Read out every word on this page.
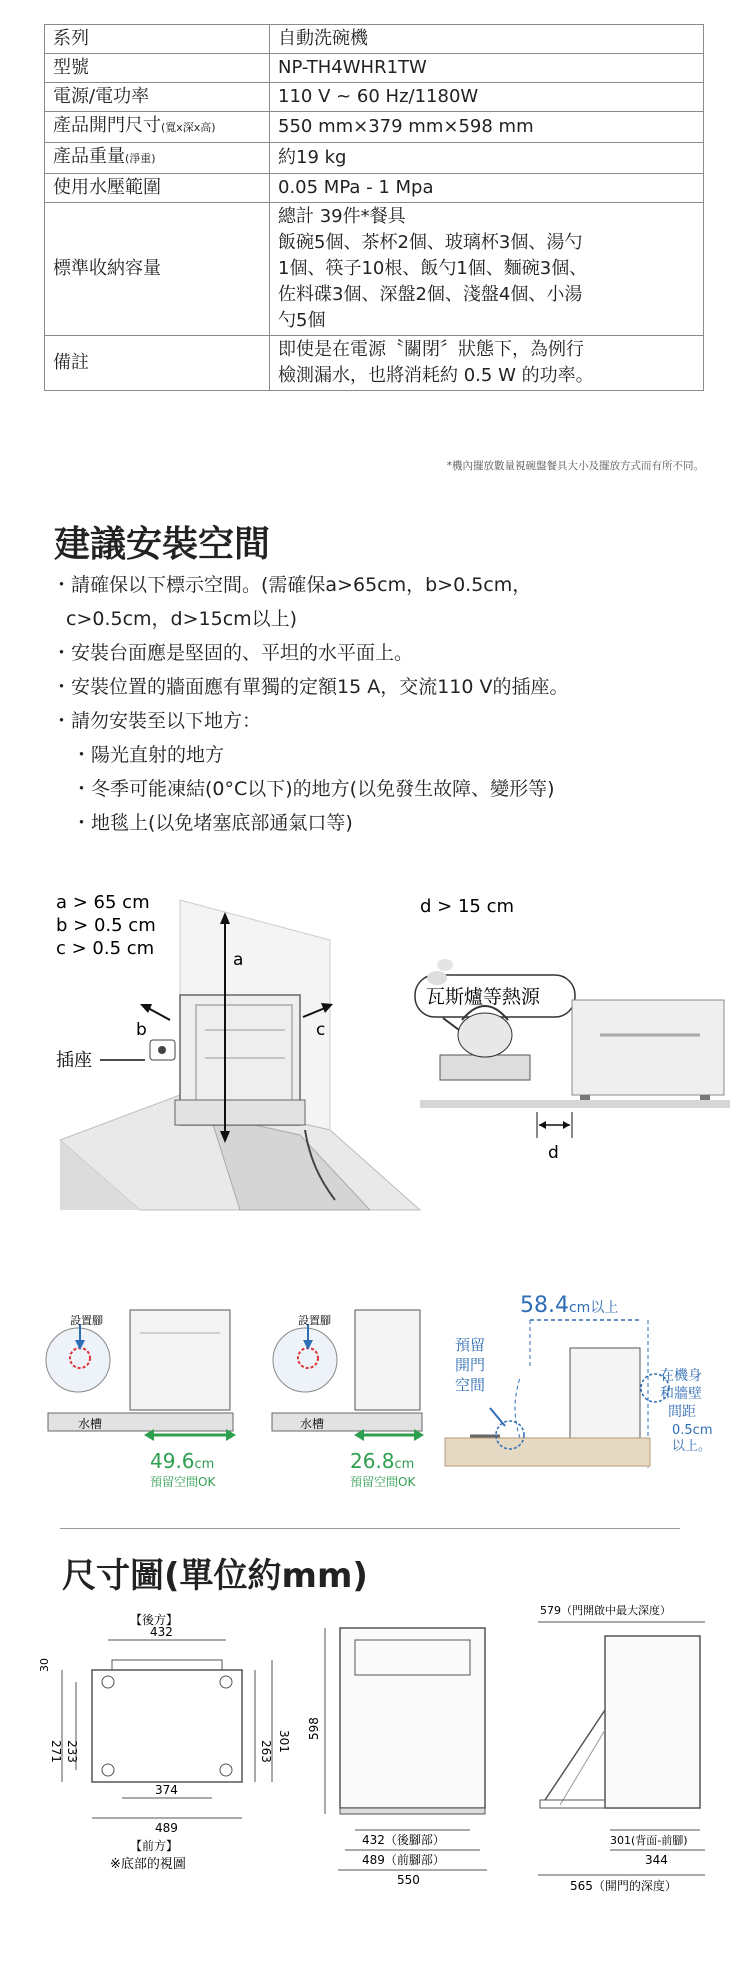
系列	自動洗碗機
型號	NP-TH4WHR1TW
電源/電功率	110 V ~ 60 Hz/1180W
產品開門尺寸(寬x深x高)	550 mm×379 mm×598 mm
產品重量(淨重)	約19 kg
使用水壓範圍	0.05 MPa - 1 Mpa
標準收納容量	總計 39件*餐具
飯碗5個、茶杯2個、玻璃杯3個、湯勺
1個、筷子10根、飯勺1個、麵碗3個、
佐料碟3個、深盤2個、淺盤4個、小湯
勺5個

備註	即使是在電源〝關閉〞狀態下，為例行
檢測漏水，也將消耗約 0.5 W 的功率。
*機內擺放數量視碗盤餐具大小及擺放方式而有所不同。
建議安裝空間
・請確保以下標示空間。(需確保a>65cm，b>0.5cm，
c>0.5cm，d>15cm以上)
・安裝台面應是堅固的、平坦的水平面上。
・安裝位置的牆面應有單獨的定額15 A，交流110 V的插座。
・請勿安裝至以下地方：
・陽光直射的地方
・冬季可能凍結(0°C以下)的地方(以免發生故障、變形等)
・地毯上(以免堵塞底部通氣口等)
a > 65 cm
b > 0.5 cm
c > 0.5 cm
a
b	c
插座
d > 15 cm
瓦斯爐等熱源
d
設置腳
水槽
49.6cm
預留空間OK
設置腳
水槽
26.8cm
預留空間OK
58.4cm以上
預留
開門
空間	在機身
和牆壁
間距
0.5cm
以上。
尺寸圖(單位約mm)
【後方】
432
30
271 233	263 301
374
489
【前方】
※底部的視圖
598
432（後腳部）
489（前腳部）
550
579（門開啟中最大深度）
301(背面-前腳)
344
565（開門的深度）
